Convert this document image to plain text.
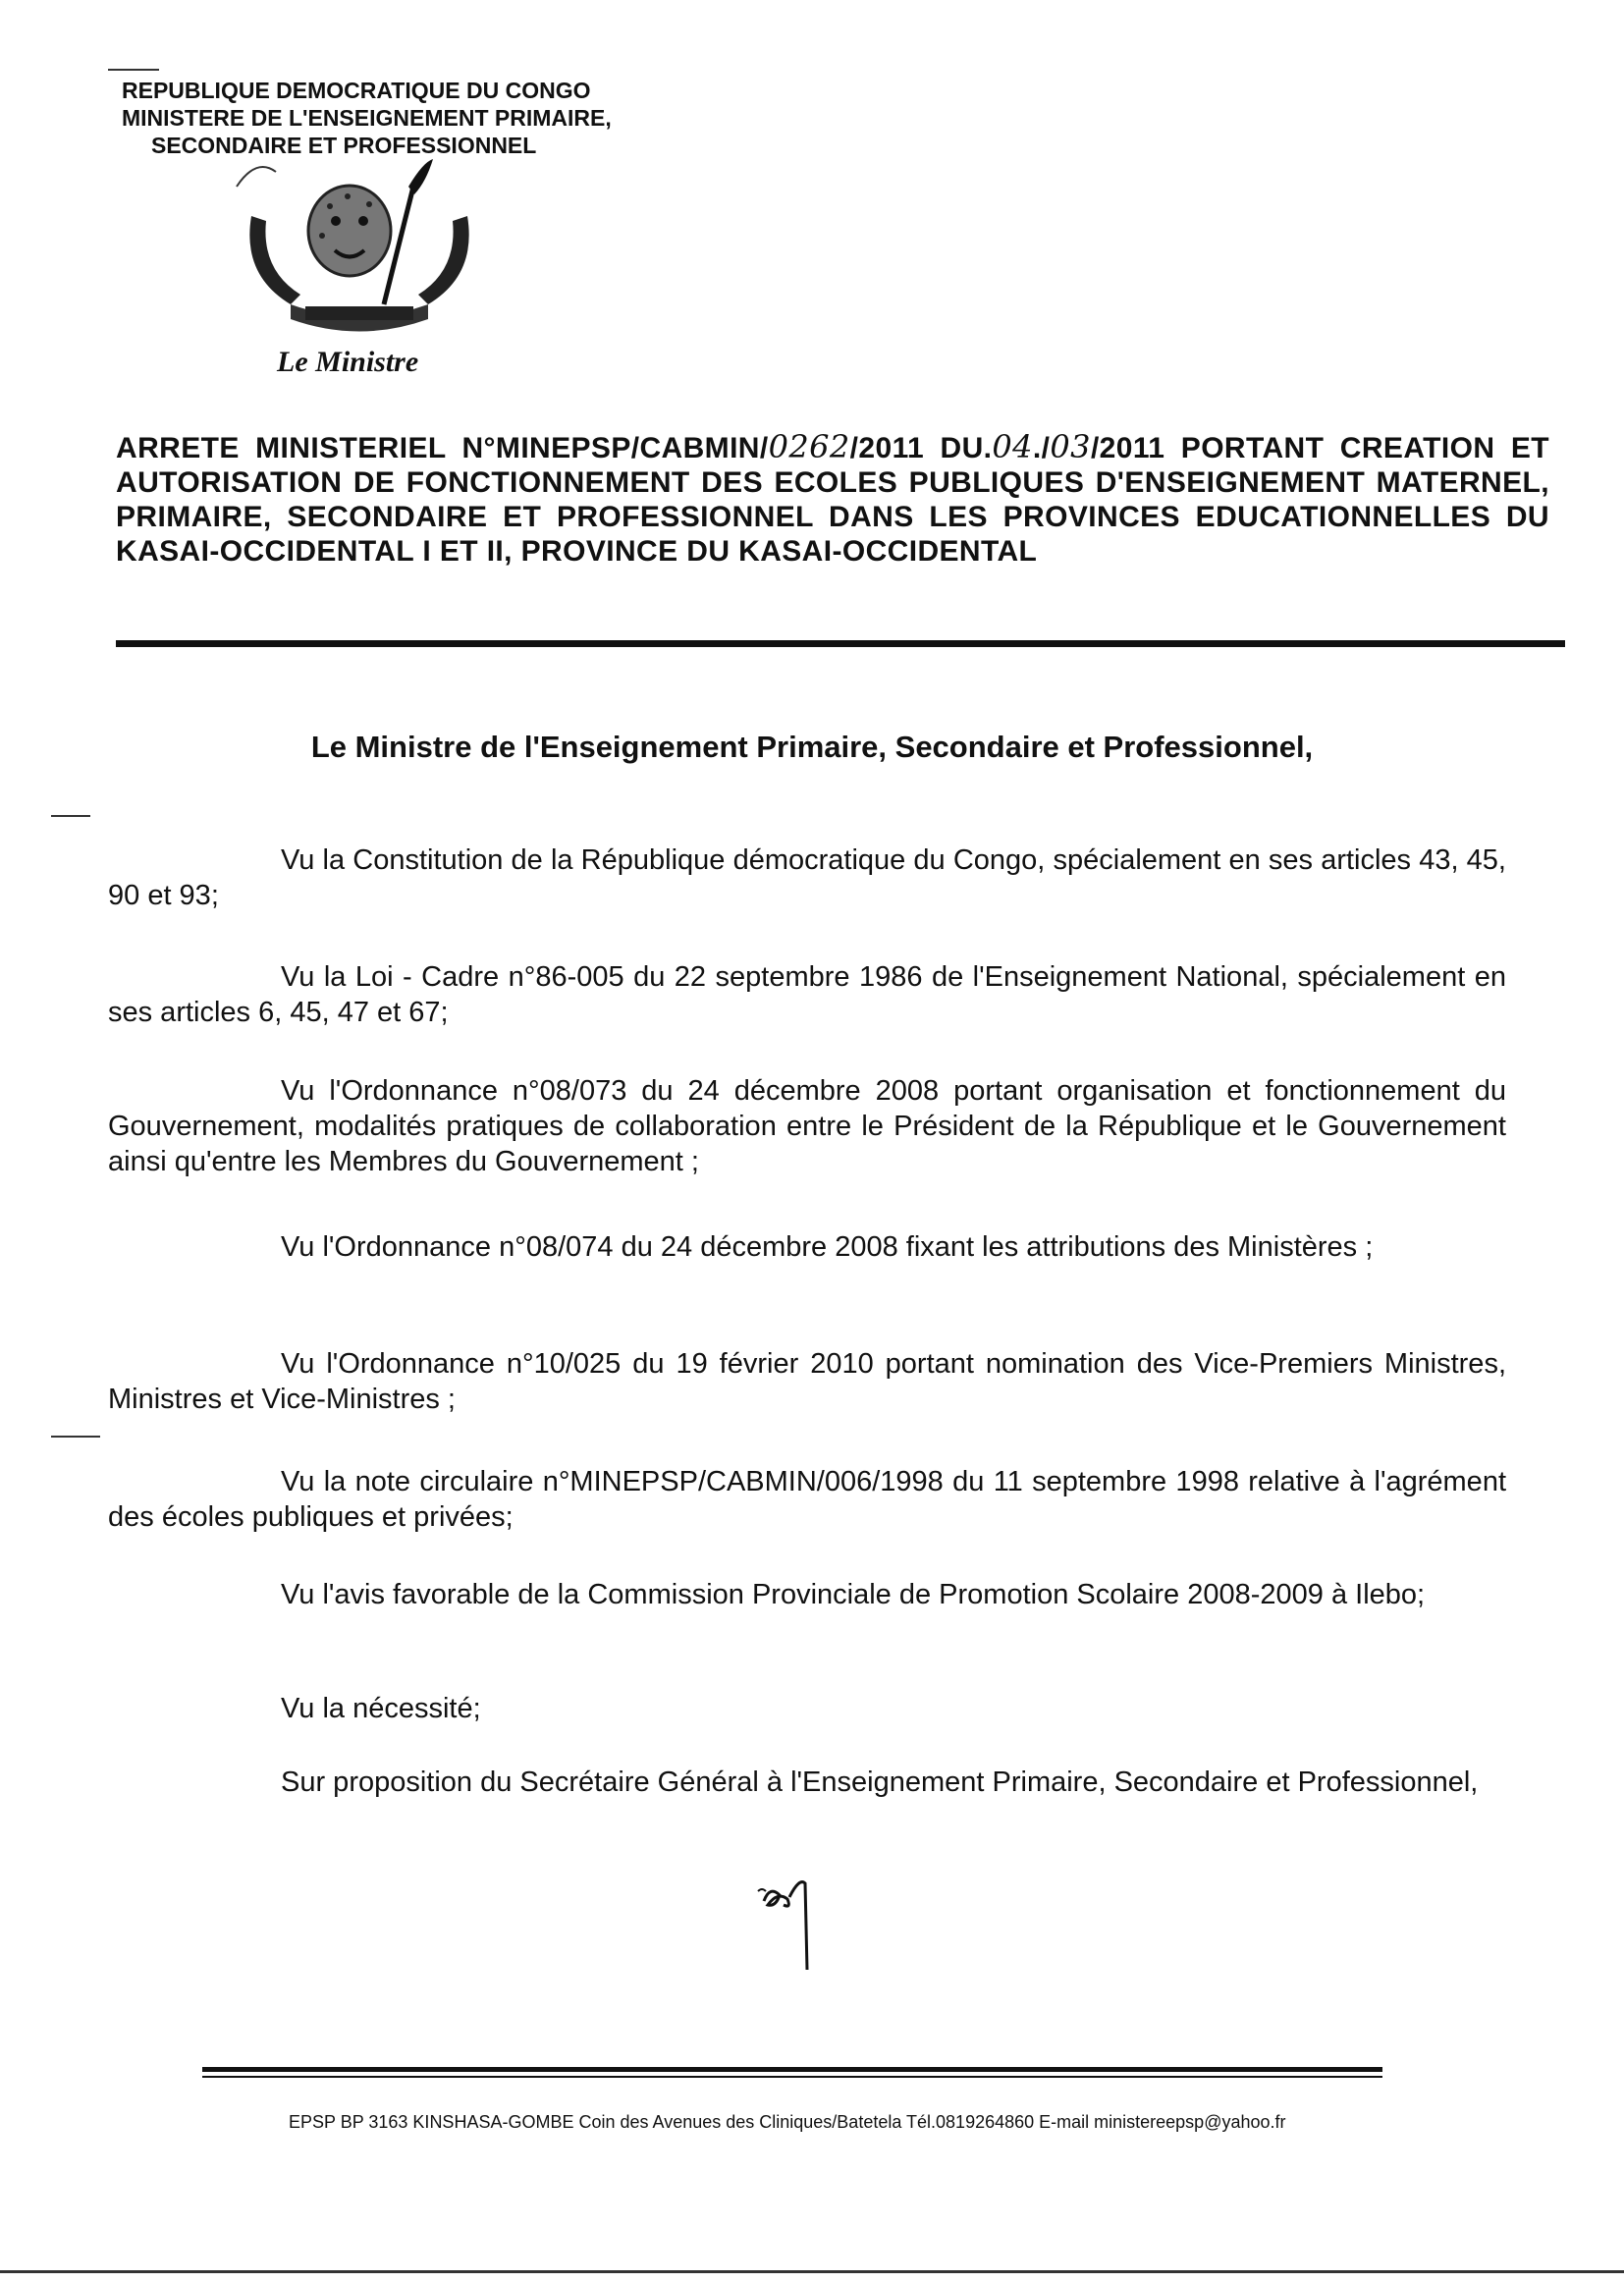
REPUBLIQUE DEMOCRATIQUE DU CONGO
MINISTERE DE L'ENSEIGNEMENT PRIMAIRE,
SECONDAIRE ET PROFESSIONNEL
Le Ministre
ARRETE MINISTERIEL N°MINEPSP/CABMIN/0262/2011 DU.04./03/2011 PORTANT CREATION ET AUTORISATION DE FONCTIONNEMENT DES ECOLES PUBLIQUES D'ENSEIGNEMENT MATERNEL, PRIMAIRE, SECONDAIRE ET PROFESSIONNEL DANS LES PROVINCES EDUCATIONNELLES DU KASAI-OCCIDENTAL I ET II, PROVINCE DU KASAI-OCCIDENTAL
Le Ministre de l'Enseignement Primaire, Secondaire et Professionnel,

Vu la Constitution de la République démocratique du Congo, spécialement en ses articles 43, 45, 90 et 93;

Vu la Loi - Cadre n°86-005 du 22 septembre 1986 de l'Enseignement National, spécialement en ses articles 6, 45, 47 et 67;

Vu l'Ordonnance n°08/073 du 24 décembre 2008 portant organisation et fonctionnement du Gouvernement, modalités pratiques de collaboration entre le Président de la République et le Gouvernement ainsi qu'entre les Membres du Gouvernement ;

Vu l'Ordonnance n°08/074 du 24 décembre 2008 fixant les attributions des Ministères ;

Vu l'Ordonnance n°10/025 du 19 février 2010 portant nomination des Vice-Premiers Ministres, Ministres et Vice-Ministres ;

Vu la note circulaire n°MINEPSP/CABMIN/006/1998 du 11 septembre 1998 relative à l'agrément des écoles publiques et privées;

Vu l'avis favorable de la Commission Provinciale de Promotion Scolaire 2008-2009 à Ilebo;

Vu la nécessité;

Sur proposition du Secrétaire Général à l'Enseignement Primaire, Secondaire et Professionnel,

EPSP BP 3163 KINSHASA-GOMBE Coin des Avenues des Cliniques/Batetela Tél.0819264860 E-mail ministereepsp@yahoo.fr
